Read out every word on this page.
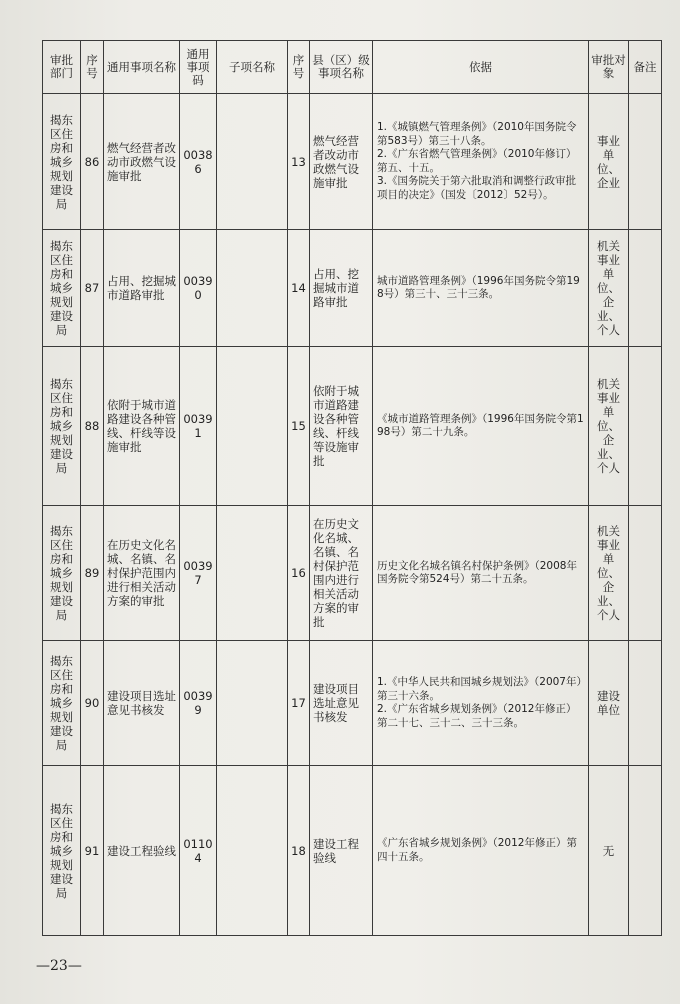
审批部门	序号	通用事项名称	通用事项码	子项名称	序号	县（区）级事项名称	依据	审批对象	备注
揭东区住房和城乡规划建设局	86	燃气经营者改动市政燃气设施审批	00386		13	燃气经营者改动市政燃气设施审批	1.《城镇燃气管理条例》（2010年国务院令第583号）第三十八条。
2.《广东省燃气管理条例》（2010年修订）第五、十五。
3.《国务院关于第六批取消和调整行政审批项目的决定》（国发〔2012〕52号）。	事业单位、企业	
揭东区住房和城乡规划建设局	87	占用、挖掘城市道路审批	00390		14	占用、挖掘城市道路审批	城市道路管理条例》（1996年国务院令第198号）第三十、三十三条。	机关事业单位、企业、个人	
揭东区住房和城乡规划建设局	88	依附于城市道路建设各种管线、杆线等设施审批	00391		15	依附于城市道路建设各种管线、杆线等设施审批	《城市道路管理条例》（1996年国务院令第198号）第二十九条。	机关事业单位、企业、个人	
揭东区住房和城乡规划建设局	89	在历史文化名城、名镇、名村保护范围内进行相关活动方案的审批	00397		16	在历史文化名城、名镇、名村保护范围内进行相关活动方案的审批	历史文化名城名镇名村保护条例》（2008年国务院令第524号）第二十五条。	机关事业单位、企业、个人	
揭东区住房和城乡规划建设局	90	建设项目选址意见书核发	00399		17	建设项目选址意见书核发	1.《中华人民共和国城乡规划法》（2007年）第三十六条。
2.《广东省城乡规划条例》（2012年修正）第二十七、三十二、三十三条。	建设单位	
揭东区住房和城乡规划建设局	91	建设工程验线	01104		18	建设工程验线	《广东省城乡规划条例》（2012年修正）第四十五条。	无	
—23—
